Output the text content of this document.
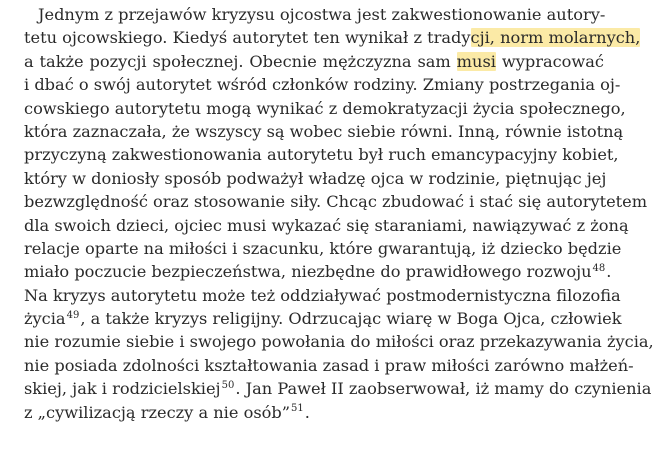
Jednym z przejawów kryzysu ojcostwa jest zakwestionowanie autory-
tetu ojcowskiego. Kiedyś autorytet ten wynikał z tradycji, norm molarnych,
a także pozycji społecznej. Obecnie mężczyzna sam musi wypracować
i dbać o swój autorytet wśród członków rodziny. Zmiany postrzegania oj-
cowskiego autorytetu mogą wynikać z demokratyzacji życia społecznego,
która zaznaczała, że wszyscy są wobec siebie równi. Inną, równie istotną
przyczyną zakwestionowania autorytetu był ruch emancypacyjny kobiet,
który w doniosły sposób podważył władzę ojca w rodzinie, piętnując jej
bezwzględność oraz stosowanie siły. Chcąc zbudować i stać się autorytetem
dla swoich dzieci, ojciec musi wykazać się staraniami, nawiązywać z żoną
relacje oparte na miłości i szacunku, które gwarantują, iż dziecko będzie
miało poczucie bezpieczeństwa, niezbędne do prawidłowego rozwoju$^{48}$.
Na kryzys autorytetu może też oddziaływać postmodernistyczna filozofia
życia$^{49}$, a także kryzys religijny. Odrzucając wiarę w Boga Ojca, człowiek
nie rozumie siebie i swojego powołania do miłości oraz przekazywania życia,
nie posiada zdolności kształtowania zasad i praw miłości zarówno małżeń-
skiej, jak i rodzicielskiej$^{50}$. Jan Paweł II zaobserwował, iż mamy do czynienia
z „cywilizacją rzeczy a nie osób”$^{51}$.
